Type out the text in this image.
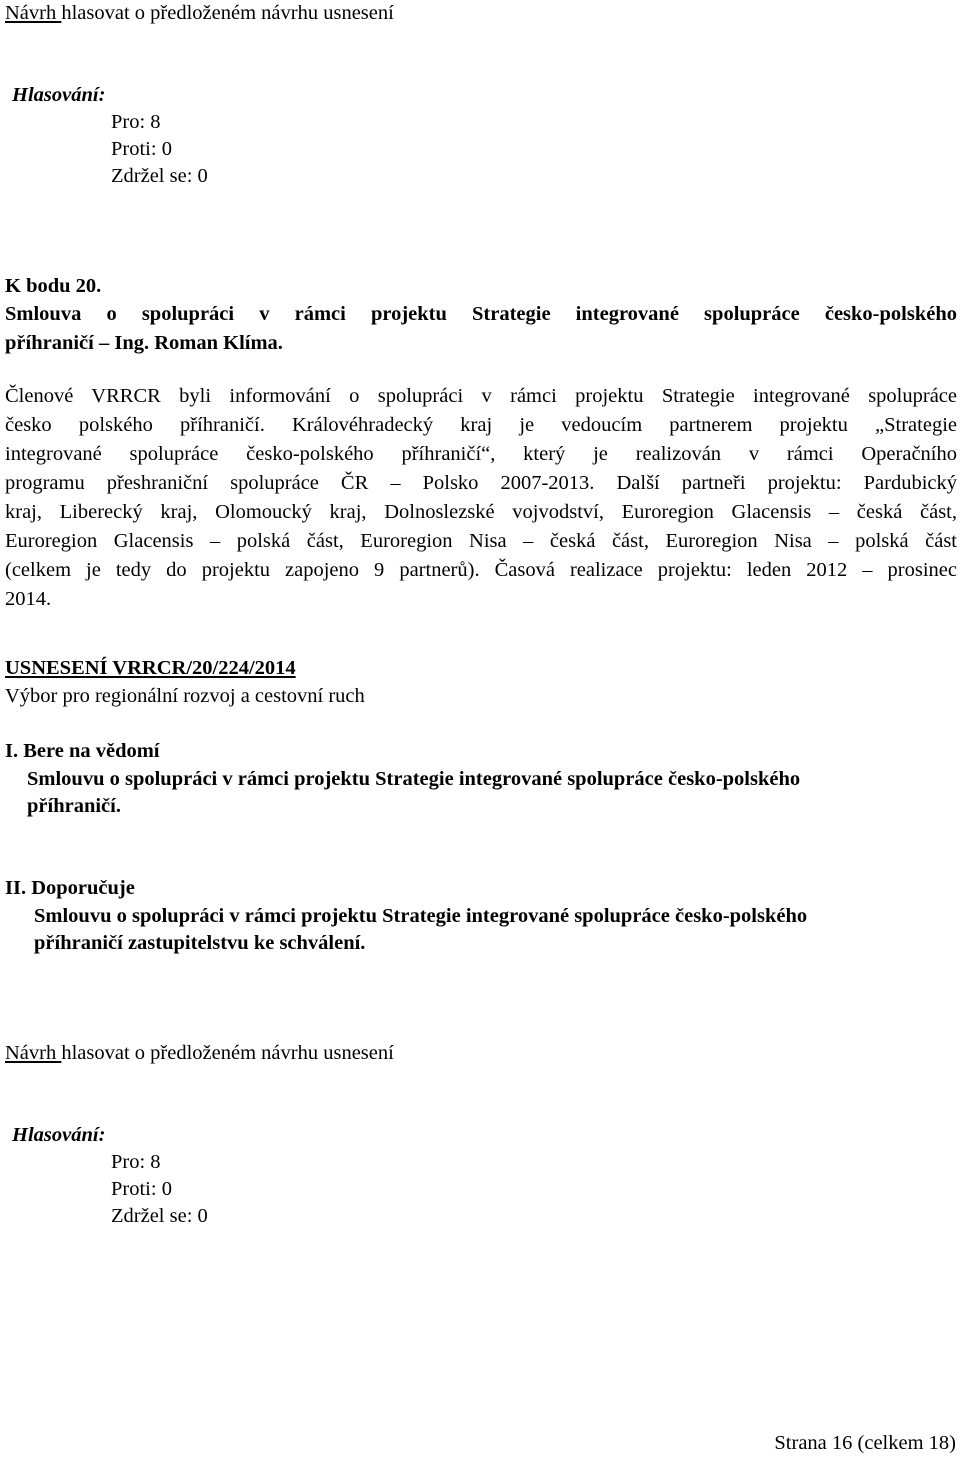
Návrh hlasovat o předloženém návrhu usnesení
Hlasování:
Pro: 8
Proti: 0
Zdržel se: 0
K bodu 20.
Smlouva o spolupráci v rámci projektu Strategie integrované spolupráce česko-polského
příhraničí – Ing. Roman Klíma.
Členové VRRCR byli informování o spolupráci v rámci projektu Strategie integrované spolupráce
česko polského příhraničí. Královéhradecký kraj je vedoucím partnerem projektu „Strategie
integrované spolupráce česko-polského příhraničí“, který je realizován v rámci Operačního
programu přeshraniční spolupráce ČR – Polsko 2007-2013. Další partneři projektu: Pardubický
kraj, Liberecký kraj, Olomoucký kraj, Dolnoslezské vojvodství, Euroregion Glacensis – česká část,
Euroregion Glacensis – polská část, Euroregion Nisa – česká část, Euroregion Nisa – polská část
(celkem je tedy do projektu zapojeno 9 partnerů). Časová realizace projektu: leden 2012 – prosinec
2014.
USNESENÍ VRRCR/20/224/2014
Výbor pro regionální rozvoj a cestovní ruch
I. Bere na vědomí
Smlouvu o spolupráci v rámci projektu Strategie integrované spolupráce česko-polského
příhraničí.
II. Doporučuje
Smlouvu o spolupráci v rámci projektu Strategie integrované spolupráce česko-polského
příhraničí zastupitelstvu ke schválení.
Návrh hlasovat o předloženém návrhu usnesení
Hlasování:
Pro: 8
Proti: 0
Zdržel se: 0
Strana 16 (celkem 18)
